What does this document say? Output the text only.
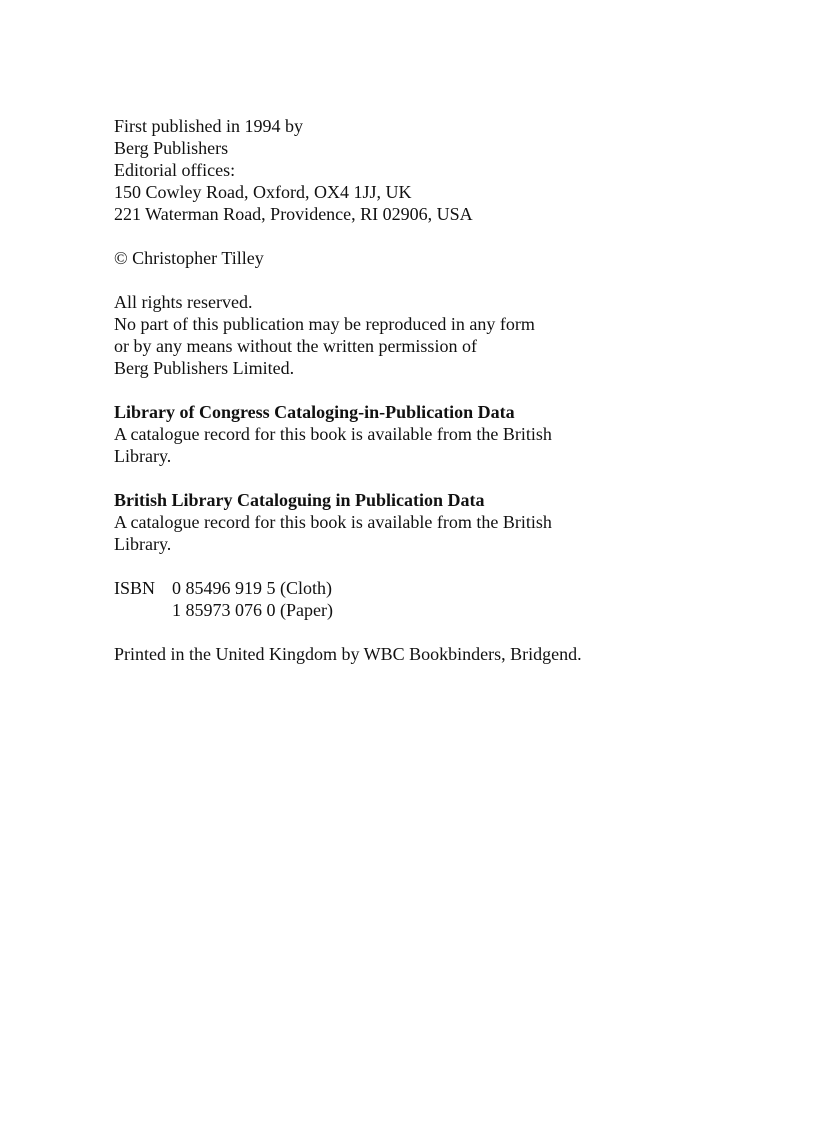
First published in 1994 by
Berg Publishers
Editorial offices:
150 Cowley Road, Oxford, OX4 1JJ, UK
221 Waterman Road, Providence, RI 02906, USA
© Christopher Tilley
All rights reserved.
No part of this publication may be reproduced in any form
or by any means without the written permission of
Berg Publishers Limited.
Library of Congress Cataloging-in-Publication Data
A catalogue record for this book is available from the British
Library.
British Library Cataloguing in Publication Data
A catalogue record for this book is available from the British
Library.
ISBN 0 85496 919 5 (Cloth)
1 85973 076 0 (Paper)
Printed in the United Kingdom by WBC Bookbinders, Bridgend.
